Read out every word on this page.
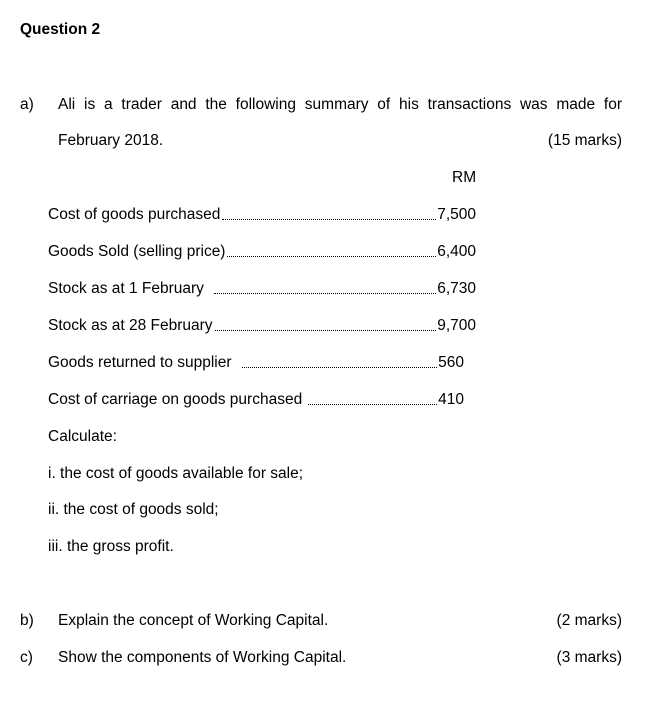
Question 2
a) Ali is a trader and the following summary of his transactions was made for
February 2018.	(15 marks)
RM
Cost of goods purchased	7,500
Goods Sold (selling price)	6,400
Stock as at 1 February	6,730
Stock as at 28 February	9,700
Goods returned to supplier	560
Cost of carriage on goods purchased	410
Calculate:
i. the cost of goods available for sale;
ii. the cost of goods sold;
iii. the gross profit.
b) Explain the concept of Working Capital.	(2 marks)
c) Show the components of Working Capital.	(3 marks)
